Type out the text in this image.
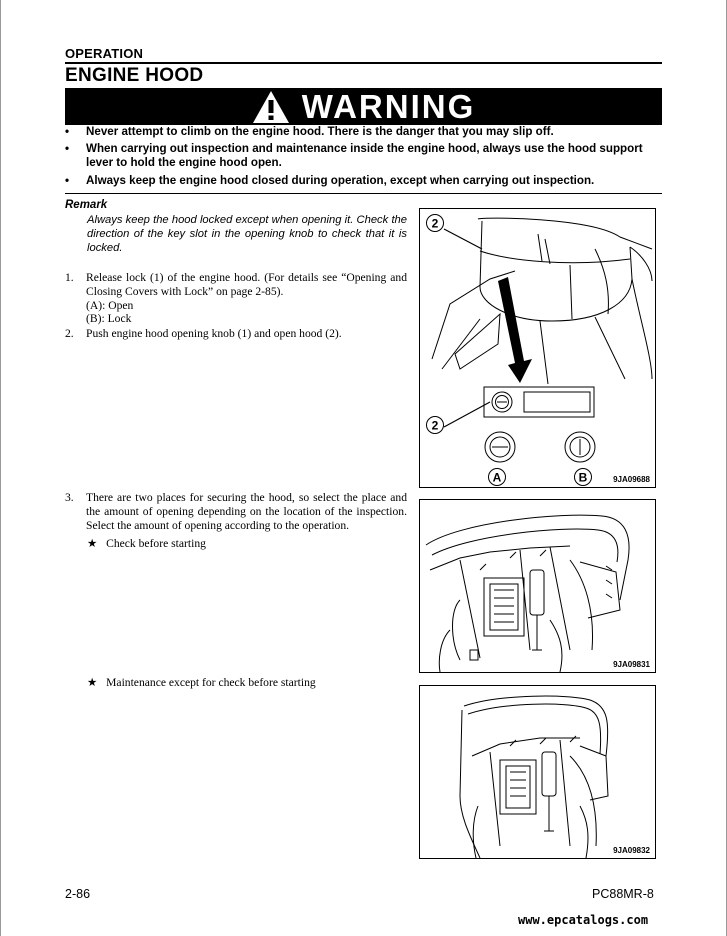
OPERATION
ENGINE HOOD
WARNING
• Never attempt to climb on the engine hood. There is the danger that you may slip off.
• When carrying out inspection and maintenance inside the engine hood, always use the hood support lever to hold the engine hood open.
• Always keep the engine hood closed during operation, except when carrying out inspection.
Remark
Always keep the hood locked except when opening it. Check the direction of the key slot in the opening knob to check that it is locked.
1. Release lock (1) of the engine hood. (For details see “Opening and Closing Covers with Lock” on page 2-85).
(A): Open
(B): Lock
2. Push engine hood opening knob (1) and open hood (2).
3. There are two places for securing the hood, so select the place and the amount of opening depending on the location of the inspection. Select the amount of opening according to the operation.
★ Check before starting
★ Maintenance except for check before starting
2
2
A	B	9JA09688
9JA09831
9JA09832
2-86	PC88MR-8
www.epcatalogs.com
